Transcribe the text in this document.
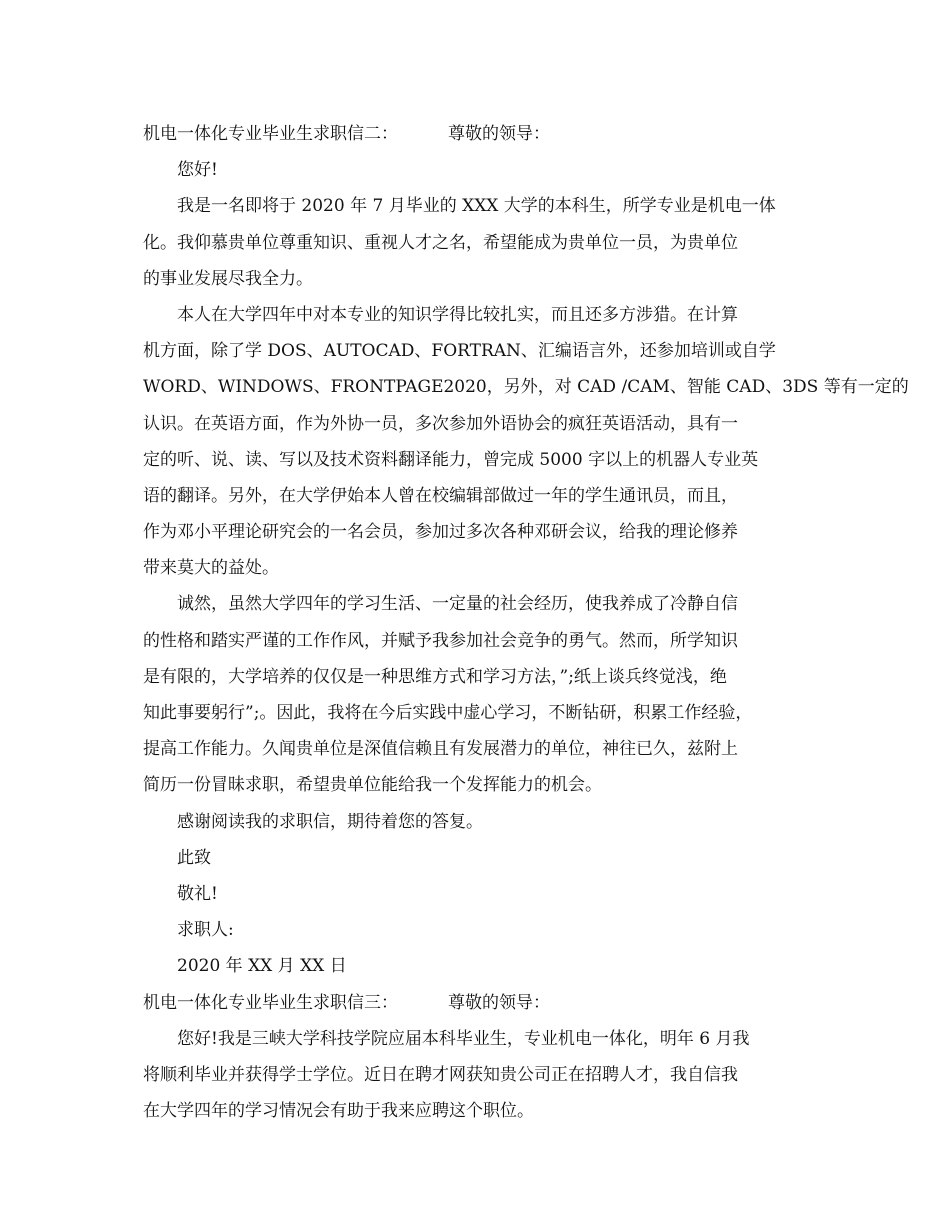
机电一体化专业毕业生求职信二：	尊敬的领导：
您好!
我是一名即将于 2020 年 7 月毕业的 XXX 大学的本科生，所学专业是机电一体
化。我仰慕贵单位尊重知识、重视人才之名，希望能成为贵单位一员，为贵单位
的事业发展尽我全力。
本人在大学四年中对本专业的知识学得比较扎实，而且还多方涉猎。在计算
机方面，除了学 DOS、AUTOCAD、FORTRAN、汇编语言外，还参加培训或自学
WORD、WINDOWS、FRONTPAGE2020，另外，对 CAD /CAM、智能 CAD、3DS 等有一定的
认识。在英语方面，作为外协一员，多次参加外语协会的疯狂英语活动，具有一
定的听、说、读、写以及技术资料翻译能力，曾完成 5000 字以上的机器人专业英
语的翻译。另外，在大学伊始本人曾在校编辑部做过一年的学生通讯员，而且，
作为邓小平理论研究会的一名会员，参加过多次各种邓研会议，给我的理论修养
带来莫大的益处。
诚然，虽然大学四年的学习生活、一定量的社会经历，使我养成了冷静自信
的性格和踏实严谨的工作作风，并赋予我参加社会竞争的勇气。然而，所学知识
是有限的，大学培养的仅仅是一种思维方式和学习方法，”;纸上谈兵终觉浅，绝
知此事要躬行”;。因此，我将在今后实践中虚心学习，不断钻研，积累工作经验，
提高工作能力。久闻贵单位是深值信赖且有发展潜力的单位，神往已久，兹附上
简历一份冒昧求职，希望贵单位能给我一个发挥能力的机会。
感谢阅读我的求职信，期待着您的答复。
此致
敬礼!
求职人:
2020 年 XX 月 XX 日
机电一体化专业毕业生求职信三：	尊敬的领导：
您好!我是三峡大学科技学院应届本科毕业生，专业机电一体化，明年 6 月我
将顺利毕业并获得学士学位。近日在聘才网获知贵公司正在招聘人才，我自信我
在大学四年的学习情况会有助于我来应聘这个职位。
